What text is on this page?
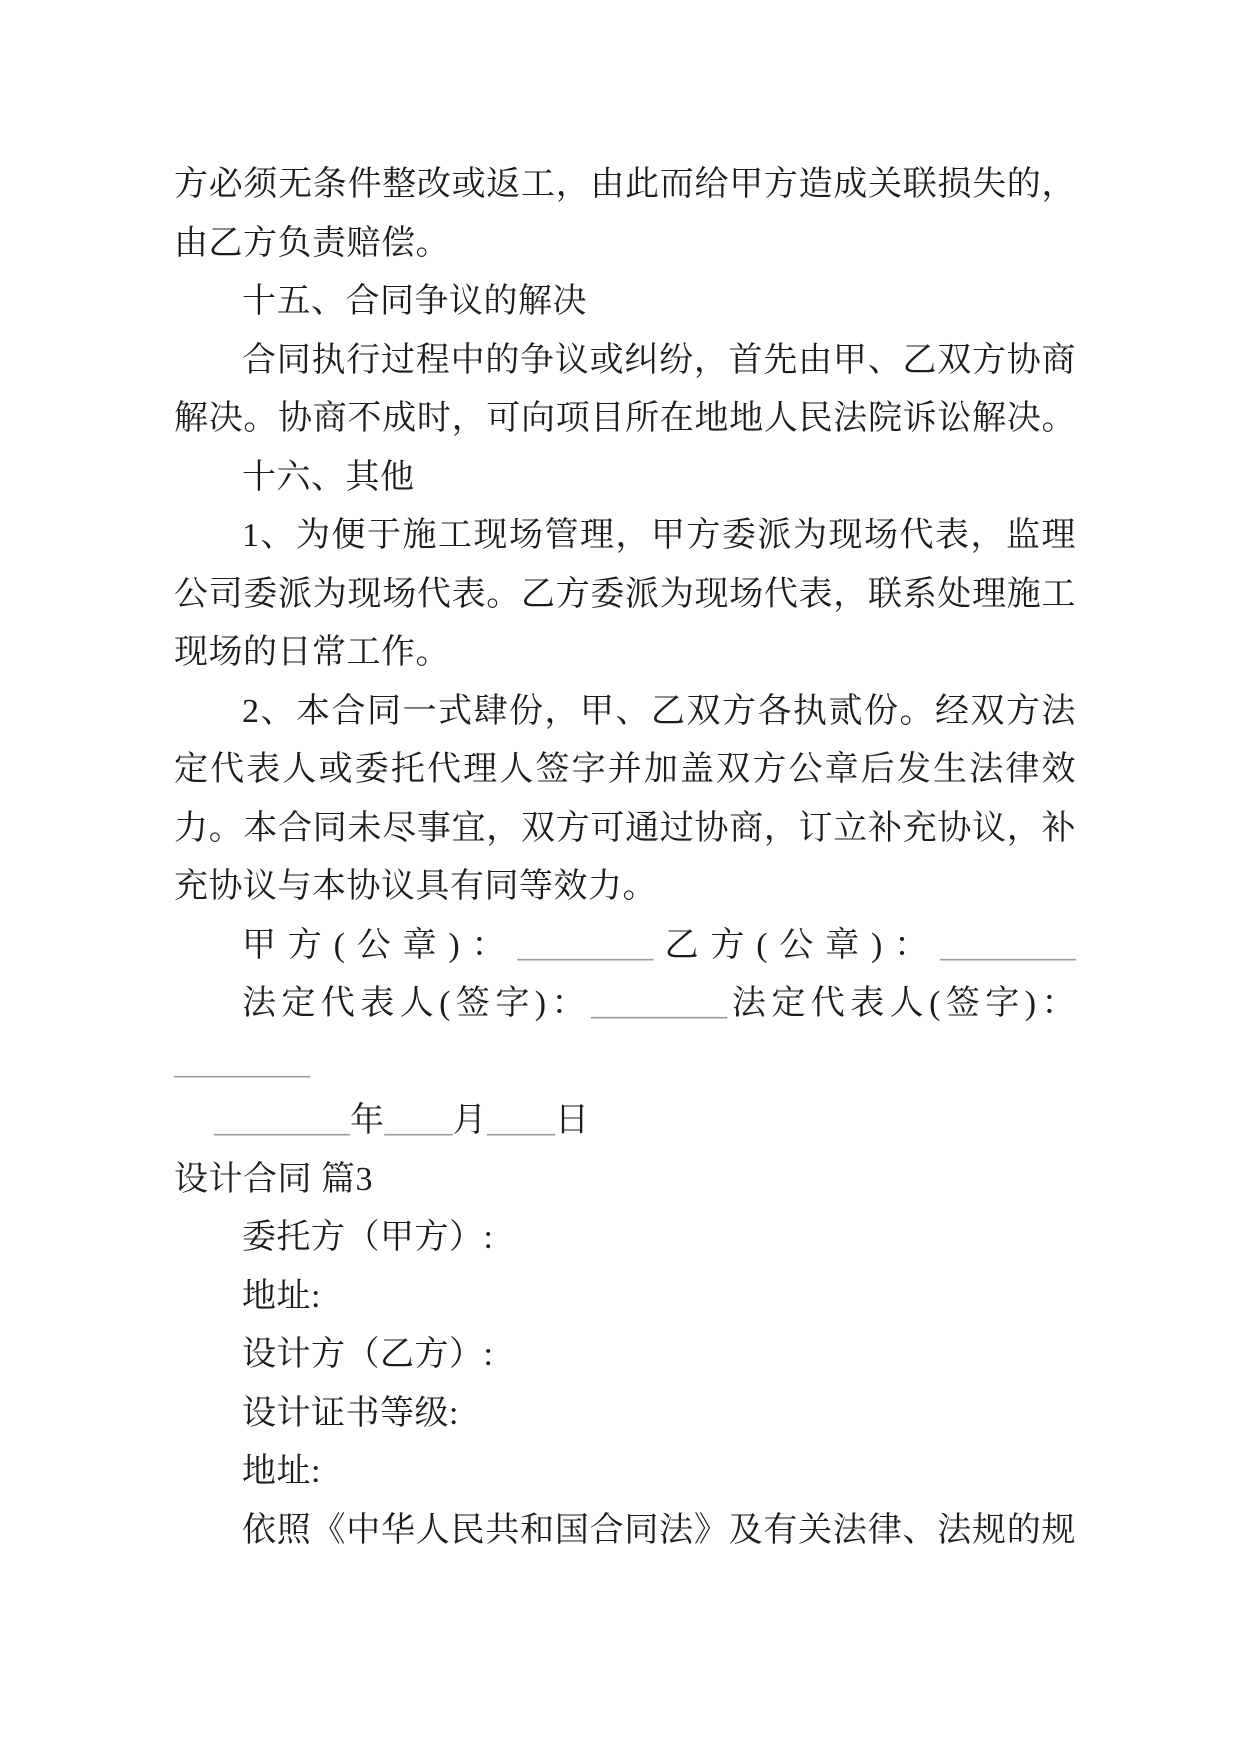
方必须无条件整改或返工，由此而给甲方造成关联损失的，
由乙方负责赔偿。
十五、合同争议的解决
合同执行过程中的争议或纠纷，首先由甲、乙双方协商
解决。协商不成时，可向项目所在地地人民法院诉讼解决。
十六、其他
1、为便于施工现场管理，甲方委派为现场代表，监理
公司委派为现场代表。乙方委派为现场代表，联系处理施工
现场的日常工作。
2、本合同一式肆份，甲、乙双方各执贰份。经双方法
定代表人或委托代理人签字并加盖双方公章后发生法律效
力。本合同未尽事宜，双方可通过协商，订立补充协议，补
充协议与本协议具有同等效力。
甲方(公章)：________乙方(公章)：________
法定代表人(签字)：________法定代表人(签字)：
________
________年____月____日
设计合同 篇3
委托方（甲方）:
地址:
设计方（乙方）:
设计证书等级:
地址:
依照《中华人民共和国合同法》及有关法律、法规的规
